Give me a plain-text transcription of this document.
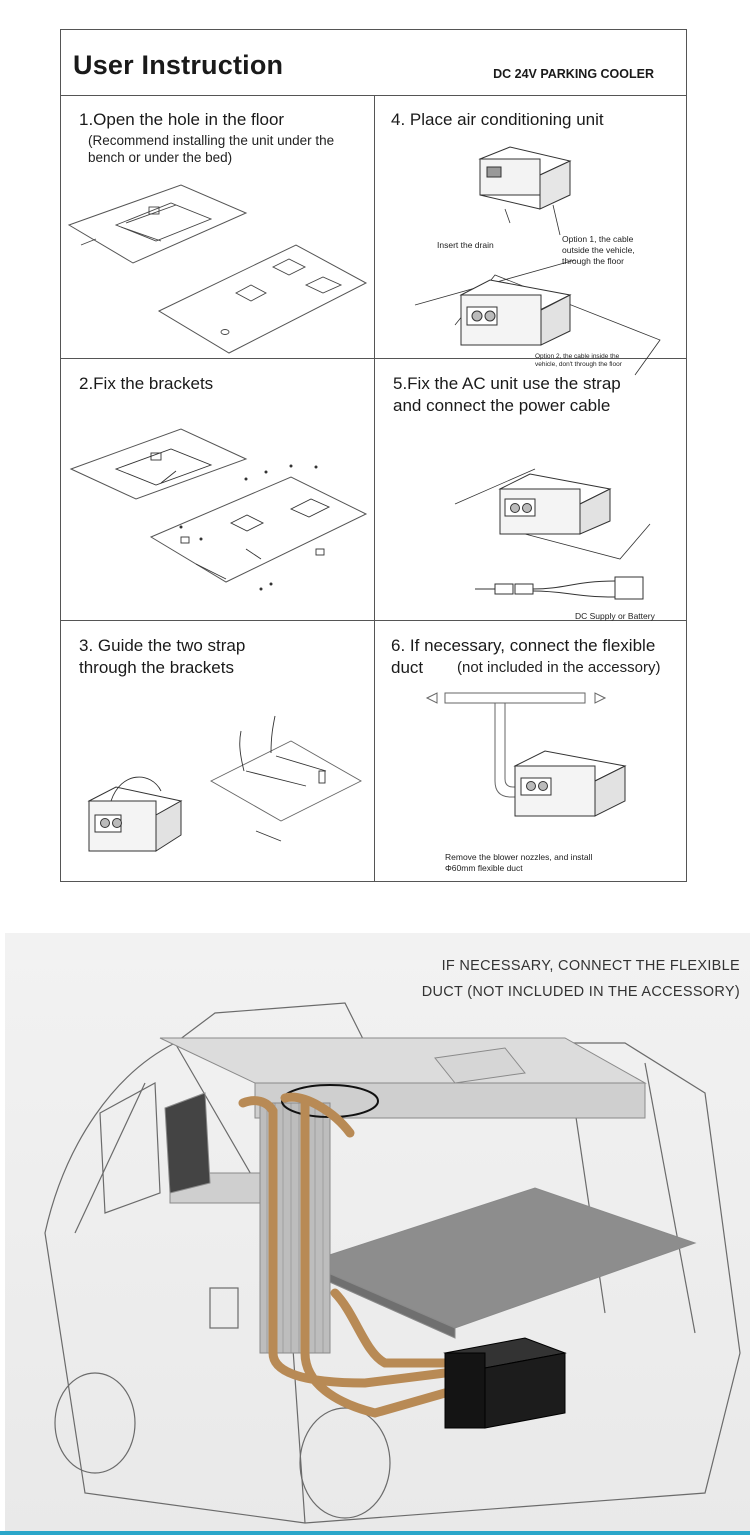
User Instruction	DC 24V PARKING COOLER
1.Open the hole in the floor
(Recommend installing the unit under the bench or under the bed)
4. Place air conditioning unit
Insert the drain
Option 1, the cable
outside the vehicle,
through the floor
Option 2, the cable inside the
vehicle, don't through the floor
2.Fix the brackets	5.Fix the AC unit use the strap
and connect the power cable
DC Supply or Battery
3. Guide the two strap
through the brackets
6. If necessary, connect the flexible
duct	(not included in the accessory)
Remove the blower nozzles, and install
Φ60mm flexible duct
IF NECESSARY, CONNECT THE FLEXIBLE
DUCT (NOT INCLUDED IN THE ACCESSORY)
